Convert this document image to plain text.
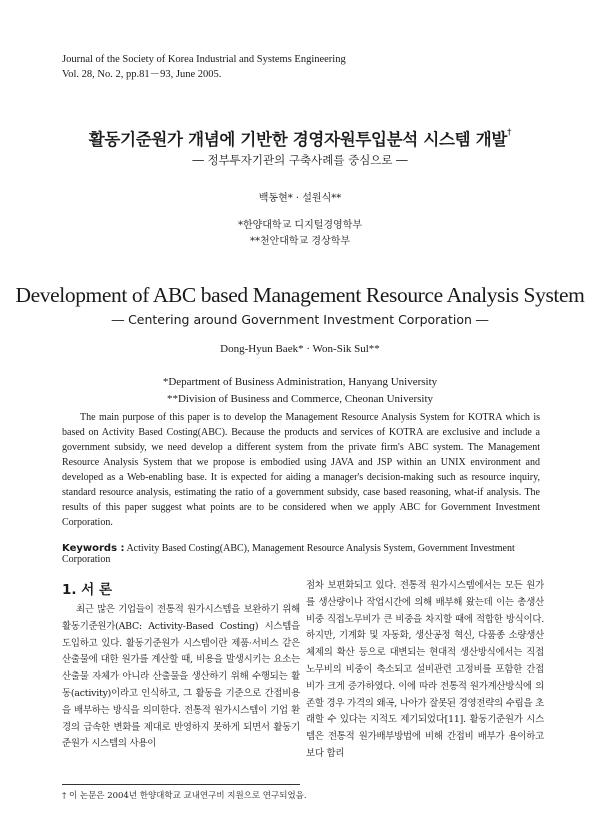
Journal of the Society of Korea Industrial and Systems Engineering
Vol. 28, No. 2, pp.81－93, June 2005.
활동기준원가 개념에 기반한 경영자원투입분석 시스템 개발†
― 정부투자기관의 구축사례를 중심으로 ―
백동현* · 설원식**
*한양대학교 디지털경영학부
**천안대학교 경상학부
Development of ABC based Management Resource Analysis System
― Centering around Government Investment Corporation ―
Dong-Hyun Baek* · Won-Sik Sul**
*Department of Business Administration, Hanyang University
**Division of Business and Commerce, Cheonan University
The main purpose of this paper is to develop the Management Resource Analysis System for KOTRA which is based on Activity Based Costing(ABC). Because the products and services of KOTRA are exclusive and include a government subsidy, we need develop a different system from the private firm's ABC system. The Management Resource Analysis System that we propose is embodied using JAVA and JSP within an UNIX environment and developed as a Web-enabling base. It is expected for aiding a manager's decision-making such as resource inquiry, standard resource analysis, estimating the ratio of a government subsidy, case based reasoning, what-if analysis. The results of this paper suggest what points are to be considered when we apply ABC for Government Investment Corporation.
Keywords : Activity Based Costing(ABC), Management Resource Analysis System, Government Investment Corporation
1. 서 론
최근 많은 기업들이 전통적 원가시스템을 보완하기 위해 활동기준원가(ABC: Activity-Based Costing) 시스템을 도입하고 있다. 활동기준원가 시스템이란 제품·서비스 같은 산출물에 대한 원가를 계산할 때, 비용을 발생시키는 요소는 산출물 자체가 아니라 산출물을 생산하기 위해 수행되는 활동(activity)이라고 인식하고, 그 활동을 기준으로 간접비용을 배부하는 방식을 의미한다. 전통적 원가시스템이 기업 환경의 급속한 변화를 제대로 반영하지 못하게 되면서 활동기준원가 시스템의 사용이
점차 보편화되고 있다. 전통적 원가시스템에서는 모든 원가를 생산량이나 작업시간에 의해 배부해 왔는데 이는 총생산비중 직접노무비가 큰 비중을 차지할 때에 적합한 방식이다. 하지만, 기계화 및 자동화, 생산공정 혁신, 다품종 소량생산체제의 확산 등으로 대변되는 현대적 생산방식에서는 직접노무비의 비중이 축소되고 설비관련 고정비를 포함한 간접비가 크게 증가하였다. 이에 따라 전통적 원가계산방식에 의존할 경우 가격의 왜곡, 나아가 잘못된 경영전략의 수립을 초래할 수 있다는 지적도 제기되었다[11]. 활동기준원가 시스템은 전통적 원가배부방법에 비해 간접비 배부가 용이하고 보다 합리
† 이 논문은 2004년 한양대학교 교내연구비 지원으로 연구되었음.
